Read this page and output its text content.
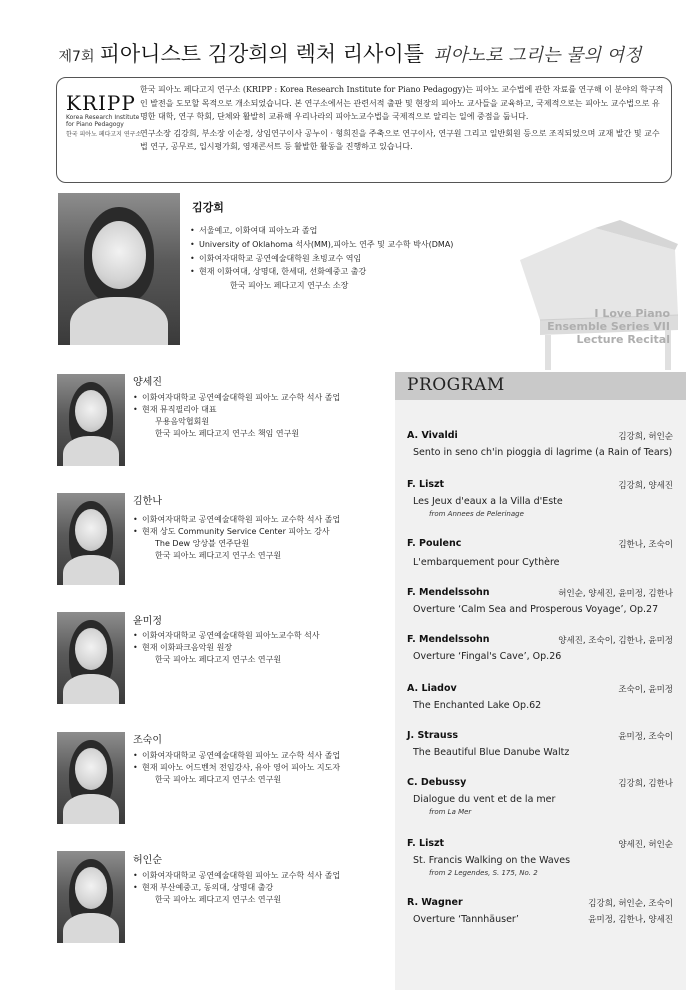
제7회 피아니스트 김강희의 렉처 리사이틀 피아노로 그리는 물의 여정
KRIPP
Korea Research Institute
for Piano Pedagogy
한국 피아노 페다고지 연구소

한국 피아노 페다고지 연구소 (KRIPP : Korea Research Institute for Piano Pedagogy)는 피아노 교수법에 관한 자료를 연구해 이 분야의 학구적인 발전을 도모할 목적으로 개소되었습니다. 본 연구소에서는 관련서적 출판 및 현장의 피아노 교사들을 교육하고, 국제적으로는 피아노 교수법으로 유명한 대학, 연구 학회, 단체와 활발히 교류해 우리나라의 피아노교수법을 국제적으로 알리는 일에 중점을 둡니다.

연구소장 김강희, 부소장 이순정, 상임연구이사 공누이 · 형희진을 주축으로 연구이사, 연구원 그리고 일반회원 등으로 조직되었으며 교재 발간 및 교수법 연구, 공무르, 입시평가회, 영재콘서트 등 활발한 활동을 진행하고 있습니다.

김강희
• 서울예고, 이화여대 피아노과 졸업
• University of Oklahoma 석사(MM),피아노 연주 및 교수학 박사(DMA)
• 이화여자대학교 공연예술대학원 초빙교수 역임
• 현재 이화여대, 상명대, 한세대, 선화예중고 출강
한국 피아노 페다고지 연구소 소장
I Love Piano
Ensemble Series VII
Lecture Recital
양세진
• 이화여자대학교 공연예술대학원 피아노 교수학 석사 졸업
• 현재 뮤직필리아 대표
무용음악협회원
한국 피아노 페다고지 연구소 책임 연구원
김한나
• 이화여자대학교 공연예술대학원 피아노 교수학 석사 졸업
• 현재 상도 Community Service Center 피아노 강사
The Dew 앙상블 연주단원
한국 피아노 페다고지 연구소 연구원
윤미정
• 이화여자대학교 공연예술대학원 피아노교수학 석사
• 현재 이화파크음악원 원장
한국 피아노 페다고지 연구소 연구원
조숙이
• 이화여자대학교 공연예술대학원 피아노 교수학 석사 졸업
• 현재 피아노 어드벤처 전임강사, 유아 영어 피아노 지도자
한국 피아노 페다고지 연구소 연구원
허인순
• 이화여자대학교 공연예술대학원 피아노 교수학 석사 졸업
• 현재 부산예중고, 동의대, 상명대 출강
한국 피아노 페다고지 연구소 연구원
PROGRAM
A. Vivaldi	김강희, 허인순
Sento in seno ch'in pioggia di lagrime (a Rain of Tears)
F. Liszt	김강희, 양세진
Les Jeux d'eaux a la Villa d'Este
from Annees de Pelerinage
F. Poulenc	김한나, 조숙이
L'embarquement pour Cythère
F. Mendelssohn	허인순, 양세진, 윤미정, 김한나
Overture ‘Calm Sea and Prosperous Voyage’, Op.27
F. Mendelssohn	양세진, 조숙이, 김한나, 윤미정
Overture ‘Fingal's Cave’, Op.26
A. Liadov	조숙이, 윤미정
The Enchanted Lake Op.62
J. Strauss	윤미정, 조숙이
The Beautiful Blue Danube Waltz
C. Debussy	김강희, 김한나
Dialogue du vent et de la mer
from La Mer
F. Liszt	양세진, 허인순
St. Francis Walking on the Waves
from 2 Legendes, S. 175, No. 2
R. Wagner	김강희, 허인순, 조숙이
Overture ‘Tannhäuser’	윤미정, 김한나, 양세진
